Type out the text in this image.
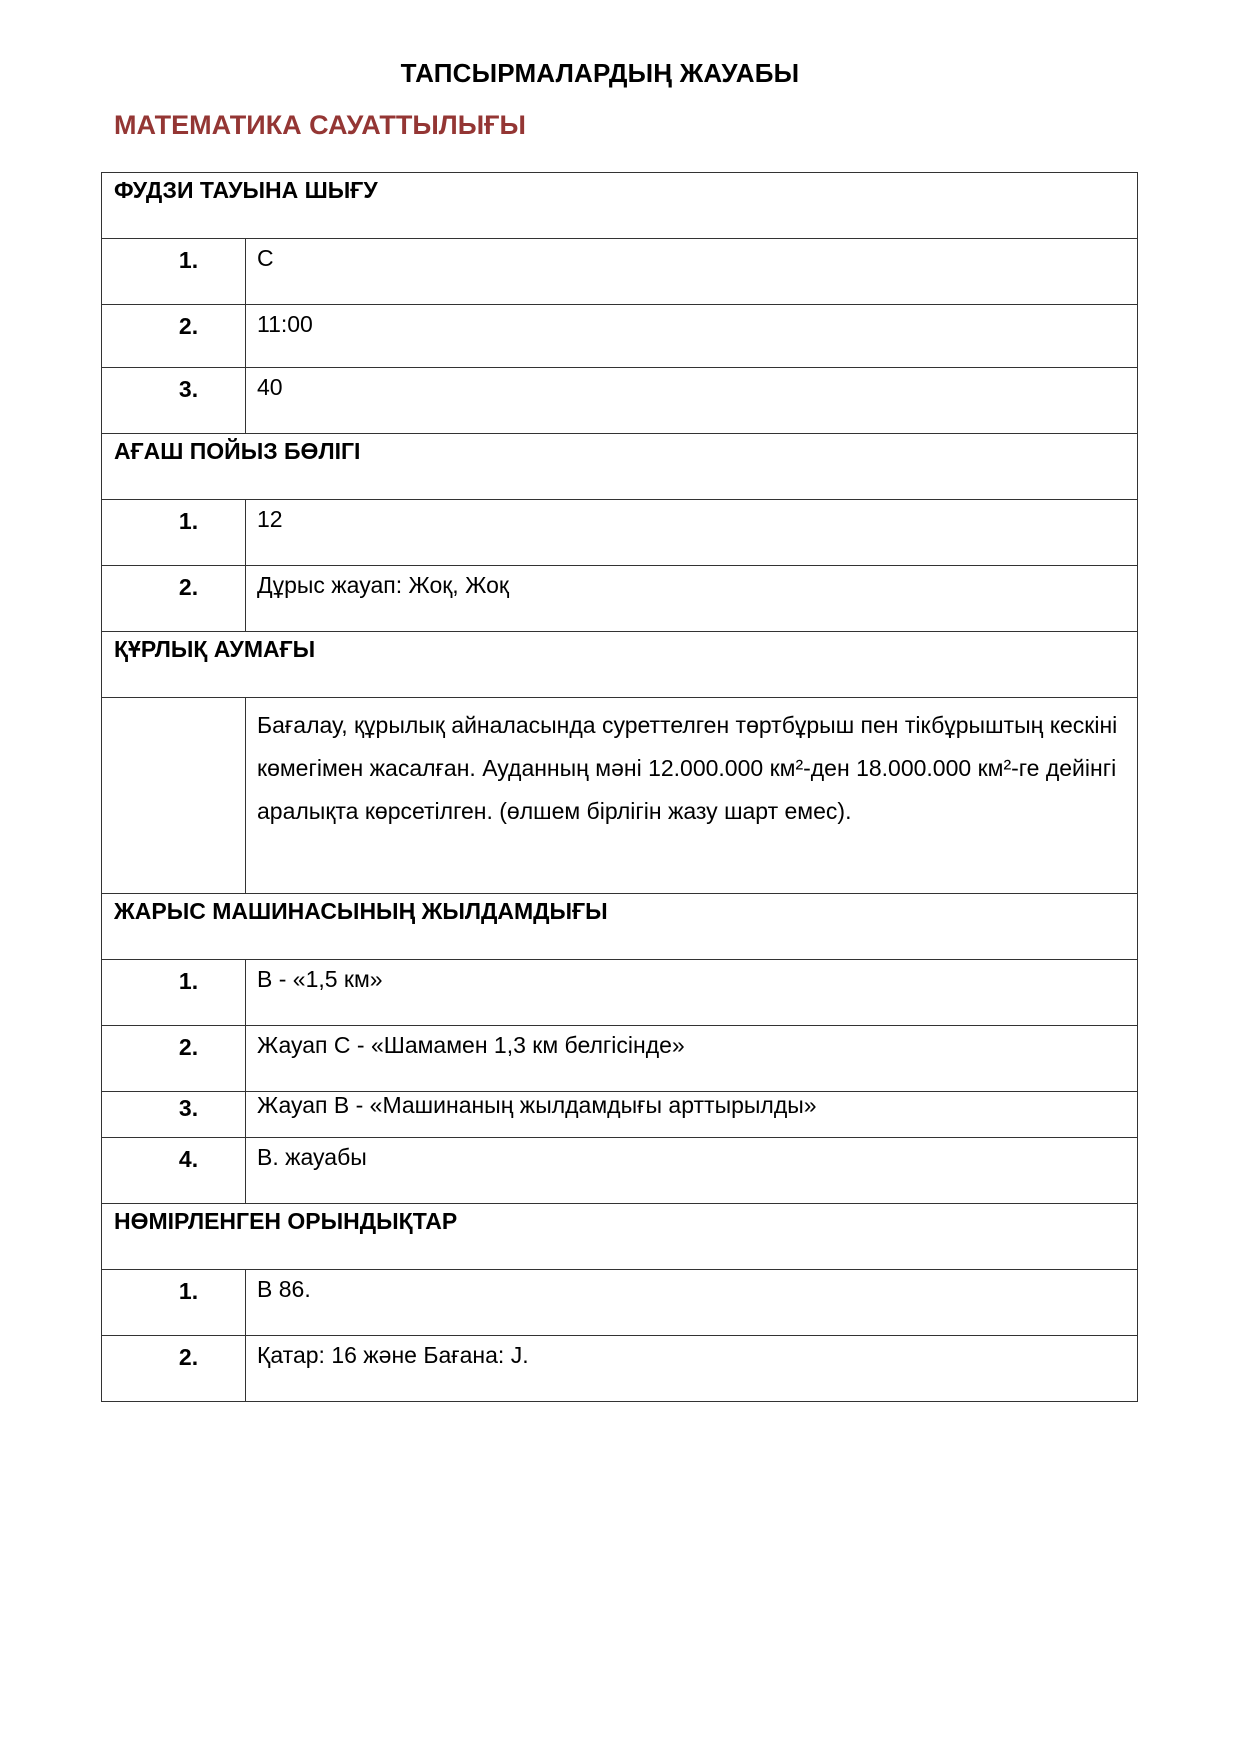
ТАПСЫРМАЛАРДЫҢ ЖАУАБЫ
МАТЕМАТИКА САУАТТЫЛЫҒЫ
ФУДЗИ ТАУЫНА ШЫҒУ	
1.	C
2.	11:00
3.	40
АҒАШ ПОЙЫЗ БӨЛІГІ	
1.	12
2.	Дұрыс жауап: Жоқ, Жоқ
ҚҰРЛЫҚ АУМАҒЫ	
	Бағалау, құрылық айналасында суреттелген төртбұрыш пен тікбұрыштың кескіні көмегімен жасалған. Ауданның мәні 12.000.000 км²-ден 18.000.000 км²-ге дейінгі аралықта көрсетілген. (өлшем бірлігін жазу шарт емес).
ЖАРЫС МАШИНАСЫНЫҢ ЖЫЛДАМДЫҒЫ	
1.	B - «1,5 км»
2.	Жауап C - «Шамамен 1,3 км белгісінде»
3.	Жауап B - «Машинаның жылдамдығы арттырылды»
4.	B. жауабы
НӨМІРЛЕНГЕН ОРЫНДЫҚТАР	
1.	B 86.
2.	Қатар: 16 және Бағана: J.
